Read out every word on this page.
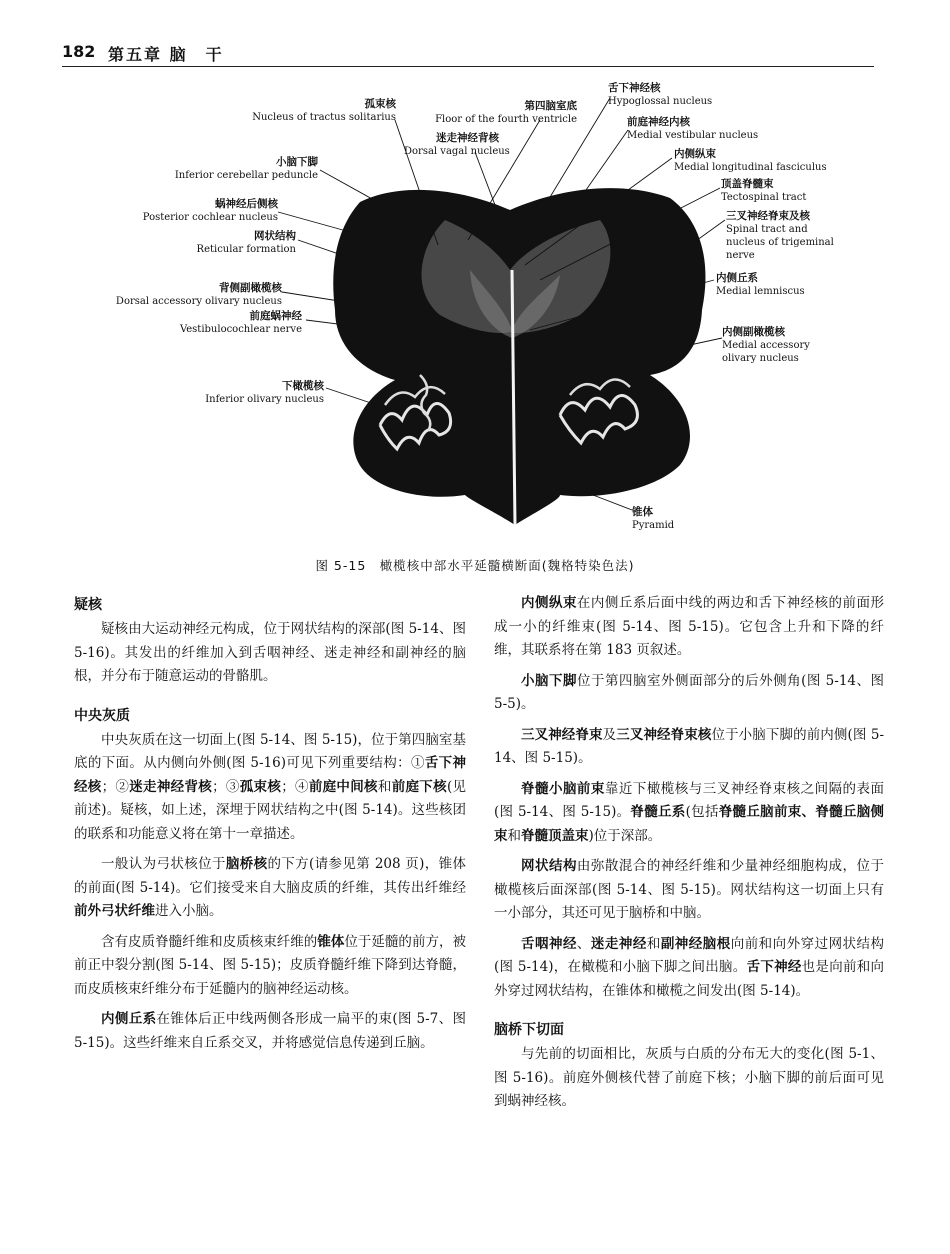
182 第五章 脑　干
孤束核
Nucleus of tractus solitarius
第四脑室底
Floor of the fourth ventricle
迷走神经背核
Dorsal vagal nucleus
舌下神经核
Hypoglossal nucleus
前庭神经内核
Medial vestibular nucleus
内侧纵束
Medial longitudinal fasciculus
小脑下脚
Inferior cerebellar peduncle
顶盖脊髓束
Tectospinal tract
蜗神经后侧核
Posterior cochlear nucleus	三叉神经脊束及核
Spinal tract and
nucleus of trigeminal
nerve
网状结构
Reticular formation
内侧丘系
Medial lemniscus
背侧副橄榄核
Dorsal accessory olivary nucleus
前庭蜗神经
Vestibulocochlear nerve	内侧副橄榄核
Medial accessory
olivary nucleus
下橄榄核
Inferior olivary nucleus
锥体
Pyramid
图 5-15　橄榄核中部水平延髓横断面(魏格特染色法)
疑核

疑核由大运动神经元构成，位于网状结构的深部(图 5-14、图 5-16)。其发出的纤维加入到舌咽神经、迷走神经和副神经的脑根，并分布于随意运动的骨骼肌。

中央灰质

中央灰质在这一切面上(图 5-14、图 5-15)，位于第四脑室基底的下面。从内侧向外侧(图 5-16)可见下列重要结构：①舌下神经核；②迷走神经背核；③孤束核；④前庭中间核和前庭下核(见前述)。疑核，如上述，深埋于网状结构之中(图 5-14)。这些核团的联系和功能意义将在第十一章描述。

一般认为弓状核位于脑桥核的下方(请参见第 208 页)，锥体的前面(图 5-14)。它们接受来自大脑皮质的纤维，其传出纤维经前外弓状纤维进入小脑。

含有皮质脊髓纤维和皮质核束纤维的锥体位于延髓的前方，被前正中裂分割(图 5-14、图 5-15)；皮质脊髓纤维下降到达脊髓，而皮质核束纤维分布于延髓内的脑神经运动核。

内侧丘系在锥体后正中线两侧各形成一扁平的束(图 5-7、图 5-15)。这些纤维来自丘系交叉，并将感觉信息传递到丘脑。

内侧纵束在内侧丘系后面中线的两边和舌下神经核的前面形成一小的纤维束(图 5-14、图 5-15)。它包含上升和下降的纤维，其联系将在第 183 页叙述。

小脑下脚位于第四脑室外侧面部分的后外侧角(图 5-14、图 5-5)。

三叉神经脊束及三叉神经脊束核位于小脑下脚的前内侧(图 5-14、图 5-15)。

脊髓小脑前束靠近下橄榄核与三叉神经脊束核之间隔的表面(图 5-14、图 5-15)。脊髓丘系(包括脊髓丘脑前束、脊髓丘脑侧束和脊髓顶盖束)位于深部。

网状结构由弥散混合的神经纤维和少量神经细胞构成，位于橄榄核后面深部(图 5-14、图 5-15)。网状结构这一切面上只有一小部分，其还可见于脑桥和中脑。

舌咽神经、迷走神经和副神经脑根向前和向外穿过网状结构(图 5-14)，在橄榄和小脑下脚之间出脑。舌下神经也是向前和向外穿过网状结构，在锥体和橄榄之间发出(图 5-14)。

脑桥下切面

与先前的切面相比，灰质与白质的分布无大的变化(图 5-1、图 5-16)。前庭外侧核代替了前庭下核；小脑下脚的前后面可见到蜗神经核。
